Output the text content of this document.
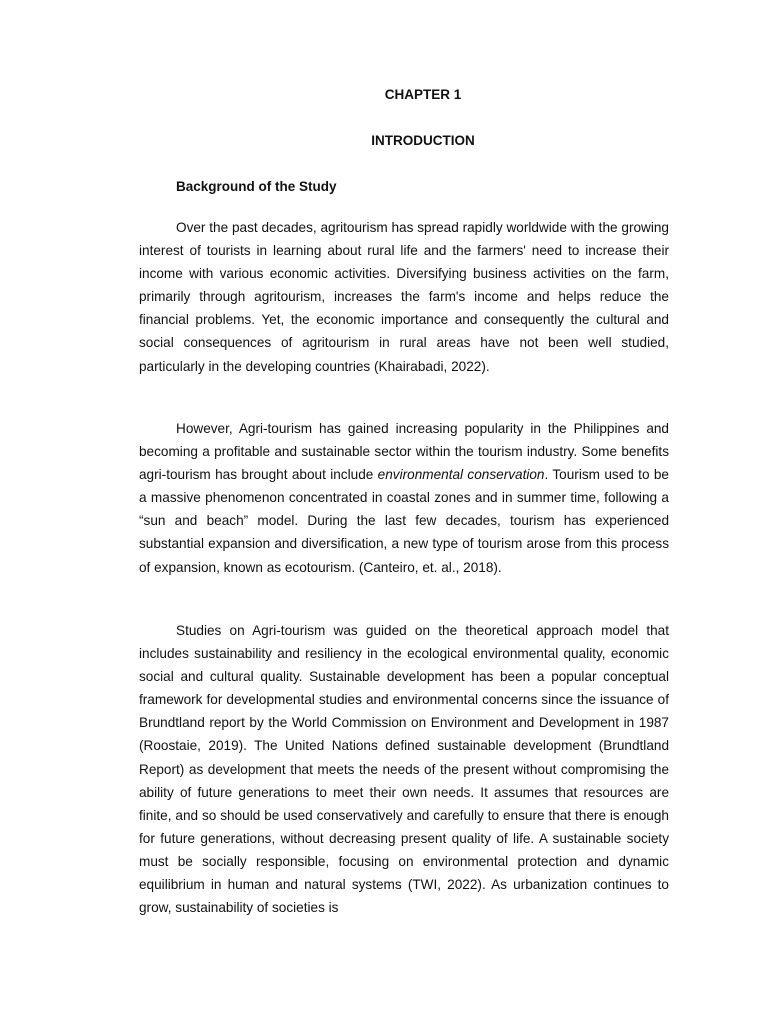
CHAPTER 1
INTRODUCTION
Background of the Study

Over the past decades, agritourism has spread rapidly worldwide with the growing interest of tourists in learning about rural life and the farmers' need to increase their income with various economic activities. Diversifying business activities on the farm, primarily through agritourism, increases the farm's income and helps reduce the financial problems. Yet, the economic importance and consequently the cultural and social consequences of agritourism in rural areas have not been well studied, particularly in the developing countries (Khairabadi, 2022).

However, Agri-tourism has gained increasing popularity in the Philippines and becoming a profitable and sustainable sector within the tourism industry. Some benefits agri-tourism has brought about include environmental conservation. Tourism used to be a massive phenomenon concentrated in coastal zones and in summer time, following a “sun and beach” model. During the last few decades, tourism has experienced substantial expansion and diversification, a new type of tourism arose from this process of expansion, known as ecotourism. (Canteiro, et. al., 2018).

Studies on Agri-tourism was guided on the theoretical approach model that includes sustainability and resiliency in the ecological environmental quality, economic social and cultural quality. Sustainable development has been a popular conceptual framework for developmental studies and environmental concerns since the issuance of Brundtland report by the World Commission on Environment and Development in 1987 (Roostaie, 2019). The United Nations defined sustainable development (Brundtland Report) as development that meets the needs of the present without compromising the ability of future generations to meet their own needs. It assumes that resources are finite, and so should be used conservatively and carefully to ensure that there is enough for future generations, without decreasing present quality of life. A sustainable society must be socially responsible, focusing on environmental protection and dynamic equilibrium in human and natural systems (TWI, 2022). As urbanization continues to grow, sustainability of societies is
